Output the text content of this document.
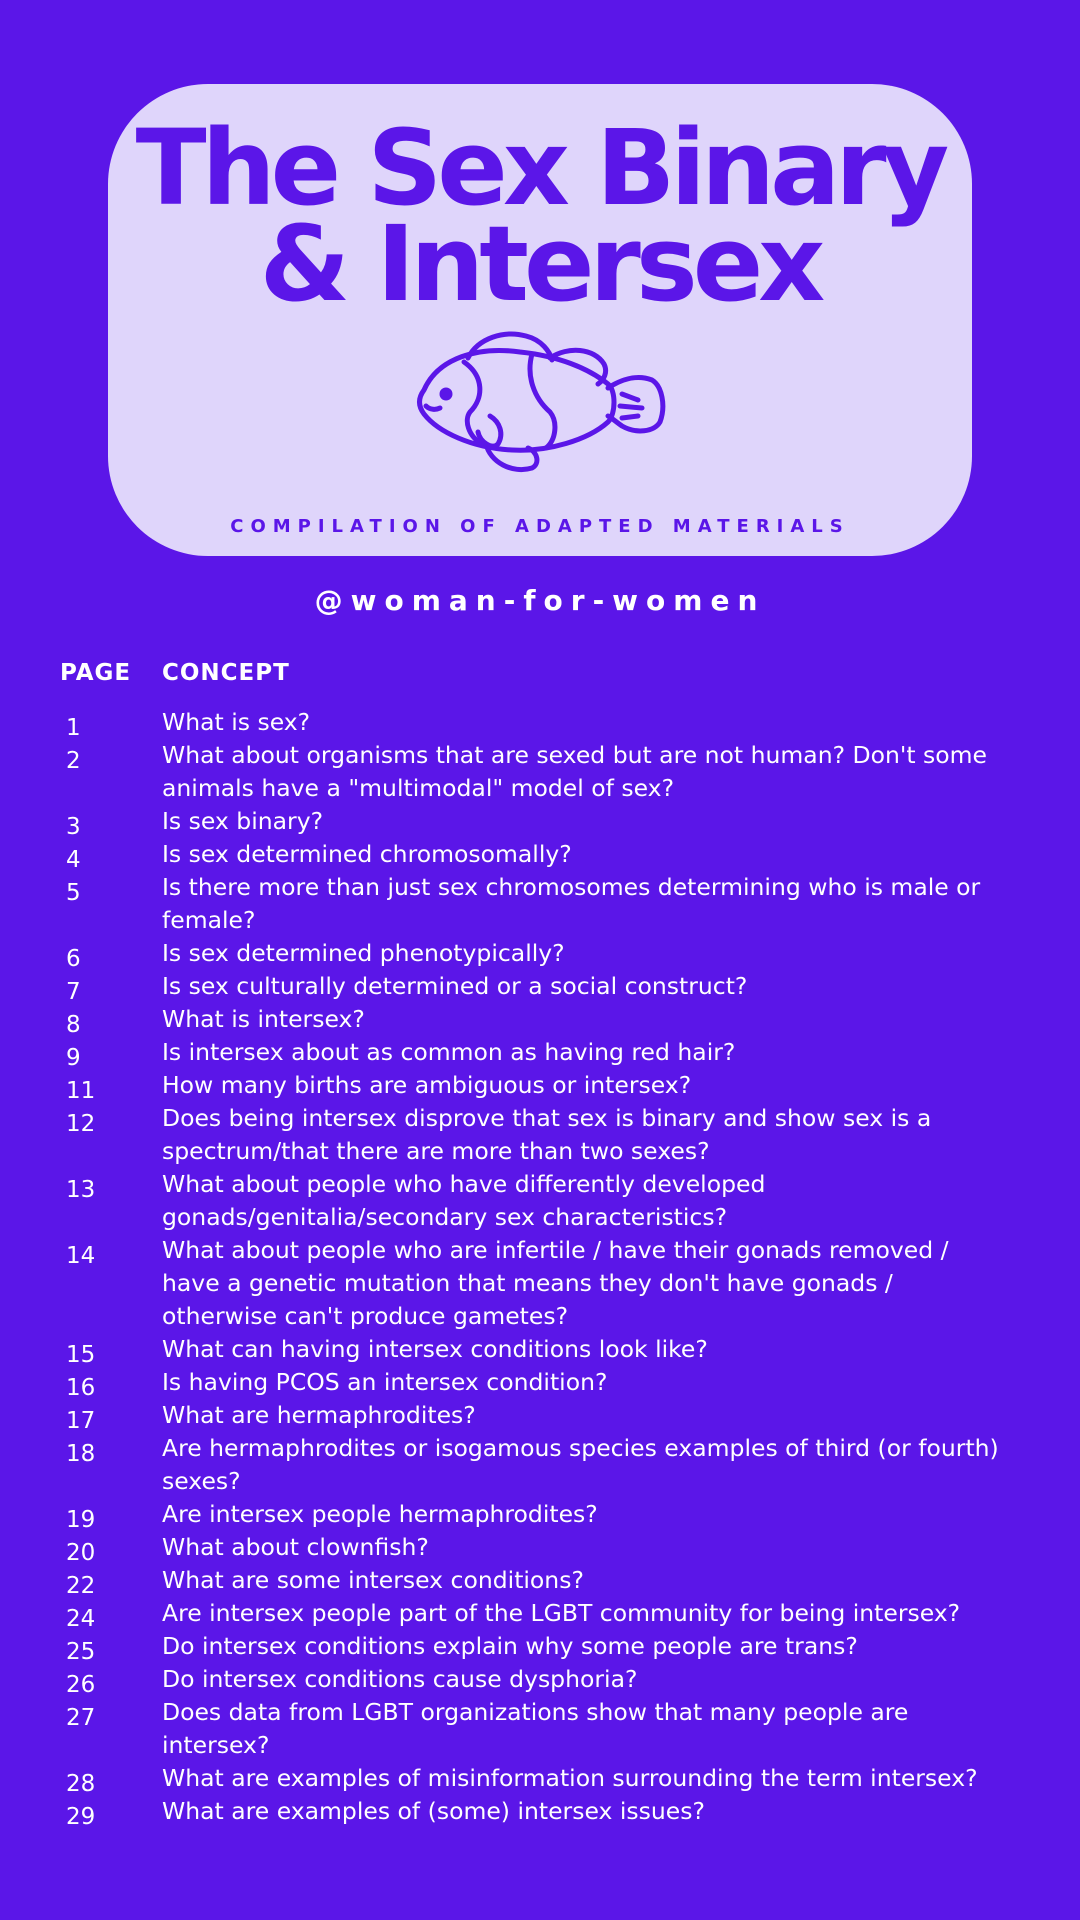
The Sex Binary
& Intersex
COMPILATION OF ADAPTED MATERIALS
@woman-for-women
PAGE CONCEPT
1	What is sex?
2	What about organisms that are sexed but are not human? Don't some animals have a "multimodal" model of sex?
3	Is sex binary?
4	Is sex determined chromosomally?
5	Is there more than just sex chromosomes determining who is male or female?
6	Is sex determined phenotypically?
7	Is sex culturally determined or a social construct?
8	What is intersex?
9	Is intersex about as common as having red hair?
11	How many births are ambiguous or intersex?
12	Does being intersex disprove that sex is binary and show sex is a spectrum/that there are more than two sexes?
13	What about people who have differently developed gonads/genitalia/secondary sex characteristics?
14	What about people who are infertile / have their gonads removed / have a genetic mutation that means they don't have gonads / otherwise can't produce gametes?
15	What can having intersex conditions look like?
16	Is having PCOS an intersex condition?
17	What are hermaphrodites?
18	Are hermaphrodites or isogamous species examples of third (or fourth) sexes?
19	Are intersex people hermaphrodites?
20	What about clownfish?
22	What are some intersex conditions?
24	Are intersex people part of the LGBT community for being intersex?
25	Do intersex conditions explain why some people are trans?
26	Do intersex conditions cause dysphoria?
27	Does data from LGBT organizations show that many people are intersex?
28	What are examples of misinformation surrounding the term intersex?
29	What are examples of (some) intersex issues?
